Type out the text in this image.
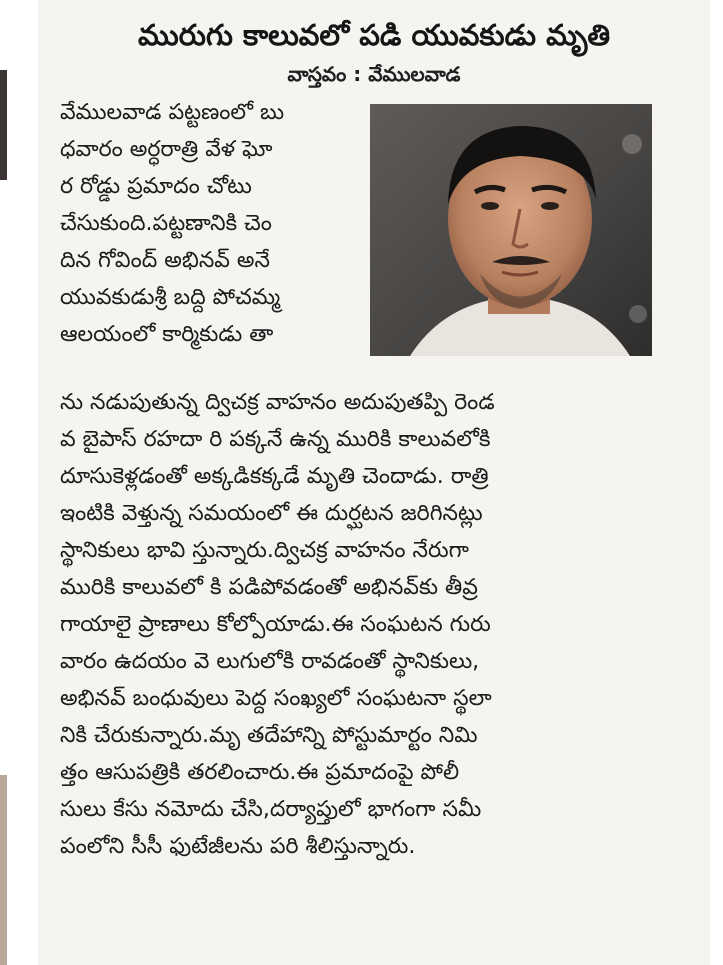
మురుగు కాలువలో పడి యువకుడు మృతి
వాస్తవం : వేములవాడ
వేములవాడ పట్టణంలో బు
ధవారం అర్ధరాత్రి వేళ ఘో
ర రోడ్డు ప్రమాదం చోటు
చేసుకుంది.పట్టణానికి చెం
దిన గోవింద్ అభినవ్ అనే
యువకుడుశ్రీ బద్ది పోచమ్మ
ఆలయంలో కార్మికుడు తా
ను నడుపుతున్న ద్విచక్ర వాహనం అదుపుతప్పి రెండ
వ బైపాస్ రహదా రి పక్కనే ఉన్న మురికి కాలువలోకి
దూసుకెళ్లడంతో అక్కడికక్కడే మృతి చెందాడు. రాత్రి
ఇంటికి వెళ్తున్న సమయంలో ఈ దుర్ఘటన జరిగినట్లు
స్థానికులు భావి స్తున్నారు.ద్విచక్ర వాహనం నేరుగా
మురికి కాలువలో కి పడిపోవడంతో అభినవ్‌కు తీవ్ర
గాయాలై ప్రాణాలు కోల్పోయాడు.ఈ సంఘటన గురు
వారం ఉదయం వె లుగులోకి రావడంతో స్థానికులు,
అభినవ్ బంధువులు పెద్ద సంఖ్యలో సంఘటనా స్థలా
నికి చేరుకున్నారు.మృ తదేహాన్ని పోస్టుమార్టం నిమి
త్తం ఆసుపత్రికి తరలించారు.ఈ ప్రమాదంపై పోలీ
సులు కేసు నమోదు చేసి,దర్యాప్తులో భాగంగా సమీ
పంలోని సీసీ ఫుటేజీలను పరి శీలిస్తున్నారు.
